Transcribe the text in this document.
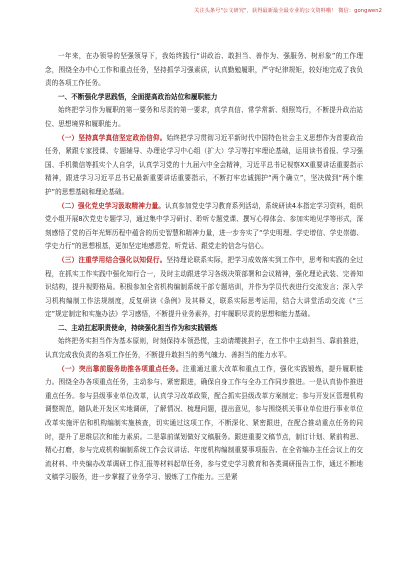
关注头条号"公文研究"，获得最新最全最专业的公文资料哦！ 微信：gongwen2

一年来，在办领导的坚强领导下，我始终践行“讲政治、敢担当、善作为、强服务、树形象”的工作理念，围绕全办中心工作和重点任务，坚持抓学习强素质，认真勤勉履职，严守纪律规矩，较好地完成了我负责的各项工作任务。

一、不断强化学思践悟，全面提高政治站位和履职能力

始终把学习作为履职的第一要务和尽责的第一要求，真学真信、常学常新、细照笃行，不断提升政治站位、思想境界和履职能力。

（一）坚持真学真信坚定政治信仰。始终把学习贯彻习近平新时代中国特色社会主义思想作为首要政治任务，紧跟专家授课、专题辅导、办理论学习中心组（扩大）学习等打牢理论基础，运用读书看报、学习强国、手机微信等抓实个人自学，认真学习党的十九届六中全会精神，习近平总书记视察XX重要讲话重要指示精神，跟进学习习近平总书记最新重要讲话重要指示，不断打牢忠诚拥护“两个确立”，坚决做到“两个维护”的思想基础和理论基础。

（二）强化党史学习汲取精神力量。认真参加党史学习教育系列活动，系统研读4本指定学习资料，组织党小组开展8次党史专题学习，通过集中学习研讨、聆听专题党课、撰写心得体会、参加实地见学等形式，深刻感悟了党的百年光辉历程中蕴含的历史智慧和精神力量，进一步夯实了“学史明理、学史增信、学史崇德、学史力行”的思想根基，更加坚定地感恩党、听党话、跟党走的信念与信心。

（三）注重学用结合强化以知促行。坚持理论联系实际，把学习成效落实到工作中，思考和实践的全过程，在抓实工作实践中强化知行合一，及时主动跟进学习各级决策部署和会议精神，强化理论武装、完善知识结构，提升视野格局。积极参加全省机构编制系统干部专题培训，并作为学员代表进行交流发言；深入学习机构编制工作法规制度，反复研读《条例》及其释义，联系实际思考运用，结合大讲堂活动交流《“三定”规定制定和实施办法》学习感悟，不断提升业务素养，打牢履职尽责的思想和能力基础。

二、主动扛起职责使命，持续强化担当作为和实践锻炼

始终把务实担当作为基本原则，时刻保持本领恐慌，主动请缨挑担子，在工作中主动担当、靠前推进，认真完成我负责的各项工作任务，不断提升敢担当的勇气魄力、善担当的能力水平。

（一）突出靠前服务助推各项重点任务。注重通过重大改革和重点工作，强化实践锻炼，提升履职能力。围绕全办各项重点任务，主动参与、紧密跟进，确保自身工作与全办工作同步推进。一是认真协作推进重点任务。参与县级事业单位改革，认真学习改革政策，配合抓实县级改革方案制定；参与开发区管理机构调整规范，随队赴开发区实地调研，了解情况、梳理问题，提出意见，参与围绕机关事业单位进行事业单位改革实施评估和机构编制实施核查，切实通过这项工作，不断深化、紧密跟进，在配合推动重点任务的同时，提升了思维层次和能力素质。二是靠前谋划做好文稿服务。跟进重要文稿节点，制订计划、紧前构思、精心打磨，参与完成机构编制系统工作会议讲话、年度机构编制重要事项报告、在全省编办主任会议上的交流材料、中央编办改革调研工作汇报等材料起草任务，参与党史学习教育和各类调研报告工作，通过不断地文稿学习服务，进一步掌握了业务学习、锻炼了工作能力。三是紧
